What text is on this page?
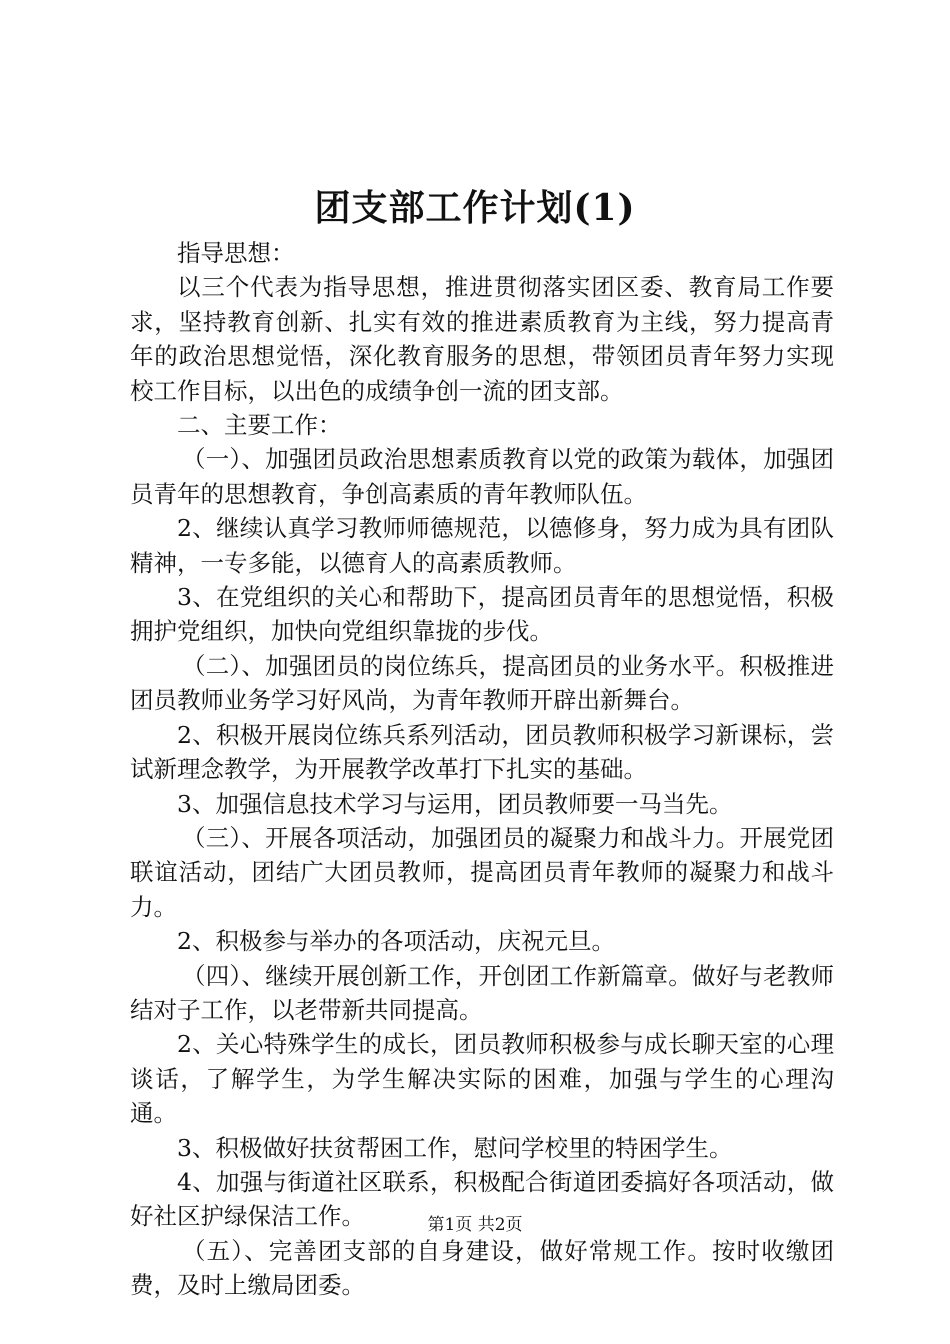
团支部工作计划(1)

指导思想：

以三个代表为指导思想，推进贯彻落实团区委、教育局工作要求，坚持教育创新、扎实有效的推进素质教育为主线，努力提高青年的政治思想觉悟，深化教育服务的思想，带领团员青年努力实现校工作目标，以出色的成绩争创一流的团支部。

二、主要工作：

（一）、加强团员政治思想素质教育以党的政策为载体，加强团员青年的思想教育，争创高素质的青年教师队伍。

2、继续认真学习教师师德规范，以德修身，努力成为具有团队精神，一专多能，以德育人的高素质教师。

3、在党组织的关心和帮助下，提高团员青年的思想觉悟，积极拥护党组织，加快向党组织靠拢的步伐。

（二）、加强团员的岗位练兵，提高团员的业务水平。积极推进团员教师业务学习好风尚，为青年教师开辟出新舞台。

2、积极开展岗位练兵系列活动，团员教师积极学习新课标，尝试新理念教学，为开展教学改革打下扎实的基础。

3、加强信息技术学习与运用，团员教师要一马当先。

（三）、开展各项活动，加强团员的凝聚力和战斗力。开展党团联谊活动，团结广大团员教师，提高团员青年教师的凝聚力和战斗力。

2、积极参与举办的各项活动，庆祝元旦。

（四）、继续开展创新工作，开创团工作新篇章。做好与老教师结对子工作，以老带新共同提高。

2、关心特殊学生的成长，团员教师积极参与成长聊天室的心理谈话，了解学生，为学生解决实际的困难，加强与学生的心理沟通。

3、积极做好扶贫帮困工作，慰问学校里的特困学生。

4、加强与街道社区联系，积极配合街道团委搞好各项活动，做好社区护绿保洁工作。

（五）、完善团支部的自身建设，做好常规工作。按时收缴团费，及时上缴局团委。

第1页 共2页
